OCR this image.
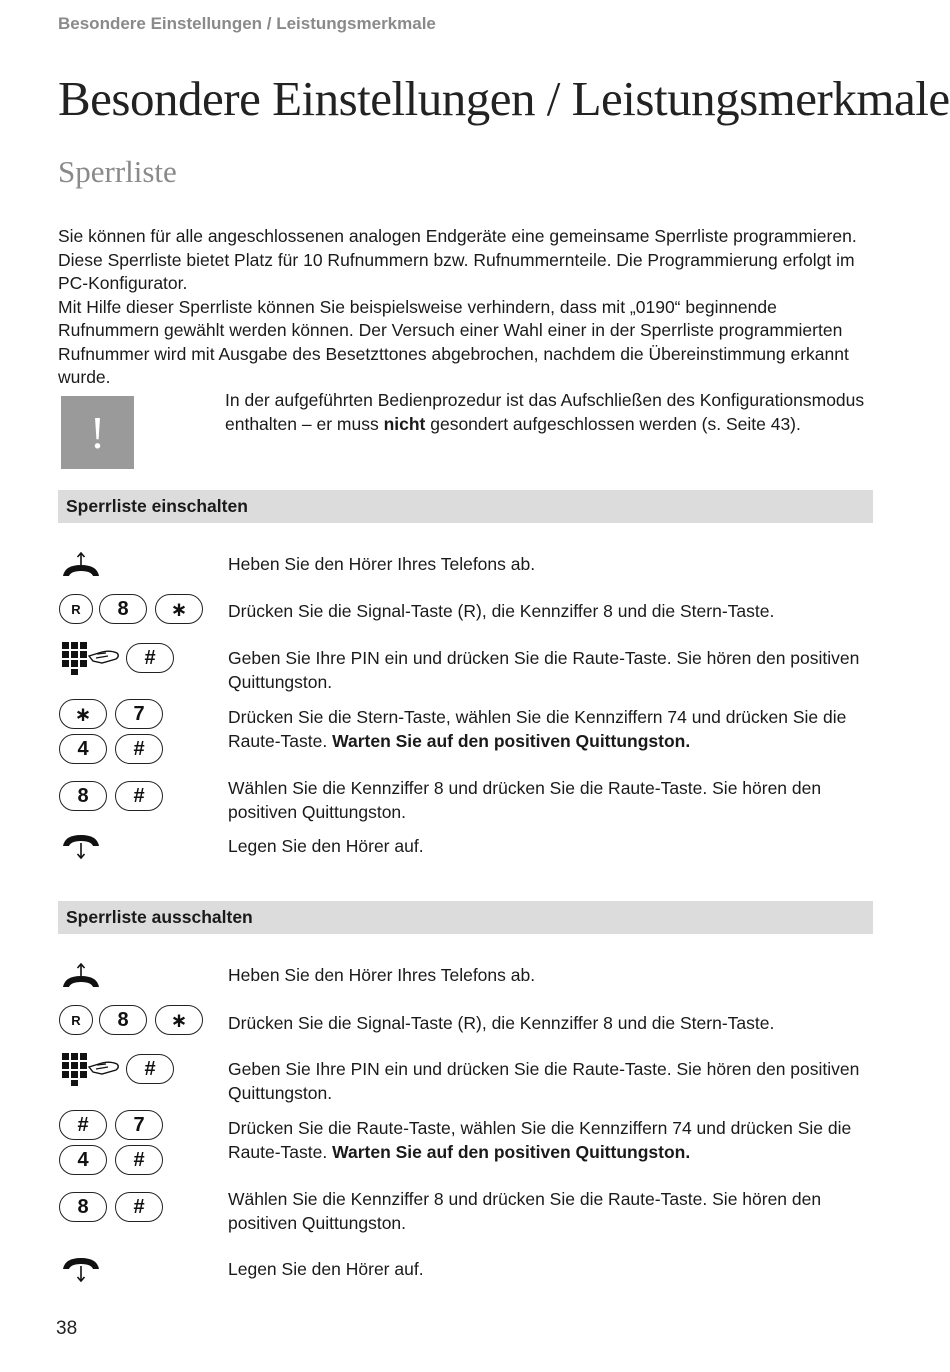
Besondere Einstellungen / Leistungsmerkmale
Besondere Einstellungen / Leistungsmerkmale
Sperrliste

Sie können für alle angeschlossenen analogen Endgeräte eine gemeinsame Sperrliste programmieren. Diese Sperrliste bietet Platz für 10 Rufnummern bzw. Rufnummernteile. Die Programmierung erfolgt im PC-Konfigurator.

Mit Hilfe dieser Sperrliste können Sie beispielsweise verhindern, dass mit „0190“ beginnende Rufnummern gewählt werden können. Der Versuch einer Wahl einer in der Sperrliste programmierten Rufnummer wird mit Ausgabe des Besetzttones abgebrochen, nachdem die Übereinstimmung erkannt wurde.

!
In der aufgeführten Bedienprozedur ist das Aufschließen des Konfigurationsmodus enthalten – er muss nicht gesondert aufgeschlossen werden (s. Seite 43).
Sperrliste einschalten
Heben Sie den Hörer Ihres Telefons ab.
R	8	∗	Drücken Sie die Signal-Taste (R), die Kennziffer 8 und die Stern-Taste.
#	Geben Sie Ihre PIN ein und drücken Sie die Raute-Taste. Sie hören den positiven Quittungston.
∗	7
4	#
Drücken Sie die Stern-Taste, wählen Sie die Kennziffern 74 und drücken Sie die Raute-Taste. Warten Sie auf den positiven Quittungston.
8	#	Wählen Sie die Kennziffer 8 und drücken Sie die Raute-Taste. Sie hören den positiven Quittungston.
Legen Sie den Hörer auf.
Sperrliste ausschalten
Heben Sie den Hörer Ihres Telefons ab.
R	8	∗	Drücken Sie die Signal-Taste (R), die Kennziffer 8 und die Stern-Taste.
#	Geben Sie Ihre PIN ein und drücken Sie die Raute-Taste. Sie hören den positiven Quittungston.
#	7
4	#
Drücken Sie die Raute-Taste, wählen Sie die Kennziffern 74 und drücken Sie die Raute-Taste. Warten Sie auf den positiven Quittungston.
8	#	Wählen Sie die Kennziffer 8 und drücken Sie die Raute-Taste. Sie hören den positiven Quittungston.
Legen Sie den Hörer auf.
38
